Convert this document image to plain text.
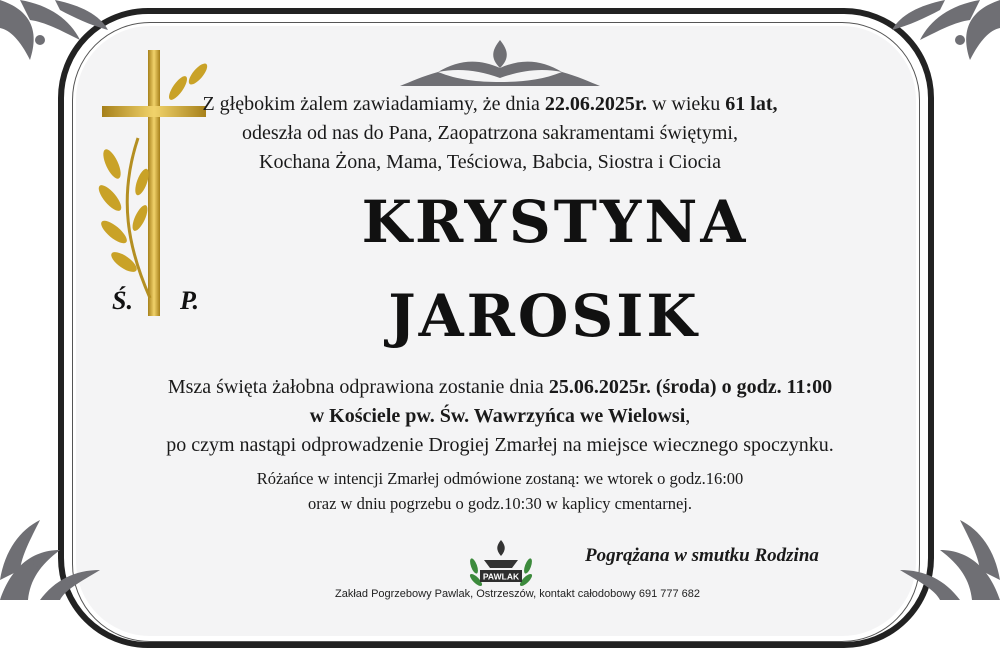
Ś. P.
Z głębokim żalem zawiadamiamy, że dnia 22.06.2025r. w wieku 61 lat,
odeszła od nas do Pana, Zaopatrzona sakramentami świętymi,
Kochana Żona, Mama, Teściowa, Babcia, Siostra i Ciocia
KRYSTYNA
JAROSIK
Msza święta żałobna odprawiona zostanie dnia 25.06.2025r. (środa) o godz. 11:00
w Kościele pw. Św. Wawrzyńca we Wielowsi,
po czym nastąpi odprowadzenie Drogiej Zmarłej na miejsce wiecznego spoczynku.
Różańce w intencji Zmarłej odmówione zostaną: we wtorek o godz.16:00
oraz w dniu pogrzebu o godz.10:30 w kaplicy cmentarnej.
PAWLAK
Pogrążana w smutku Rodzina
Zakład Pogrzebowy Pawlak, Ostrzeszów, kontakt całodobowy 691 777 682
